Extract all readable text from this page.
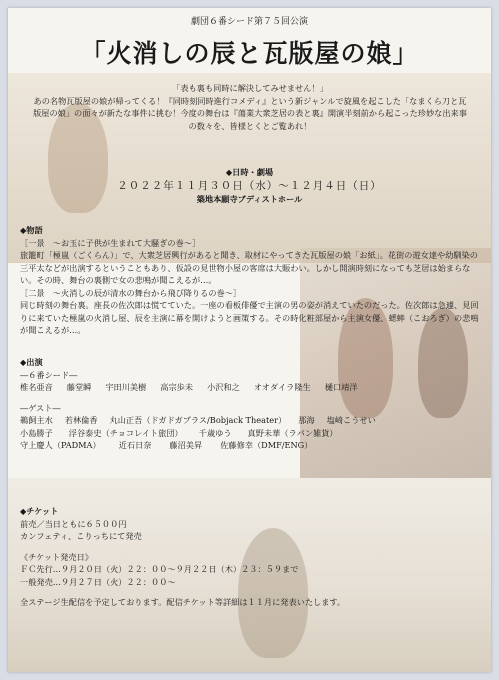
劇団６番シード第７５回公演
「火消しの辰と瓦版屋の娘」
「表も裏も同時に解決してみせません！」
あの名物瓦版屋の娘が帰ってくる！『同時刻同時進行コメディ』という新ジャンルで旋風を起こした「なまくら刀と瓦版屋の娘」の面々が新たな事件に挑む！今度の舞台は『蕩業大衆芝居の表と裏』開演半刻前から起こった珍妙な出来事の数々を、皆様とくとご覧あれ！
◆日時・劇場
２０２２年１１月３０日（水）～１２月４日（日）
築地本願寺ブディストホール
◆物語
［一景　～お玉に子供が生まれて大騒ぎの巻～］
旅籠町「極嵐（ごくらん）」で、大衆芝居興行があると聞き、取材にやってきた瓦版屋の娘「お紙」。花街の遊女達や幼馴染の三平太などが出演するということもあり、仮設の見世物小屋の客席は大賑わい。しかし開演時刻になっても芝居は始まらない。その時、舞台の裏側で女の悲鳴が聞こえるが…。
［二景　～火消しの辰が清水の舞台から飛び降りるの巻～］
同じ時刻の舞台裏。座長の佐次郎は慌てていた。一座の看板俳優で主演の男の姿が消えていたのだった。佐次郎は急遽、見回りに来ていた極嵐の火消し屋、辰を主演に幕を開けようと画策する。その時化粧部屋から主演女優、蟋蟀（こおろぎ）の悲鳴が聞こえるが…。
◆出演
―６番シード―
椎名亜音 藤堂瞬 宇田川美樹 高宗歩未 小沢和之 オオダイラ隆生 樋口靖洋
―ゲスト―
鵜飼主水 若林倫香 丸山正吾（ドガドガプラス/Bobjack Theater） 那海 塩崎こうせい
小島勝子 浮谷泰史（チョコレイト旅団） 千歳ゆう 真野未華（ラパン雑貨）
守上慶人（PADMA） 近石日奈 藤沼美昇 佐藤修幸（DMF/ENG）
◆チケット
前売／当日ともに６５００円
カンフェティ、こりっちにて発売
《チケット発売日》
ＦＣ先行…９月２０日（火）２２：００～９月２２日（木）２３：５９まで
一般発売…９月２７日（火）２２：００～
全ステージ生配信を予定しております。配信チケット等詳細は１１月に発表いたします。
